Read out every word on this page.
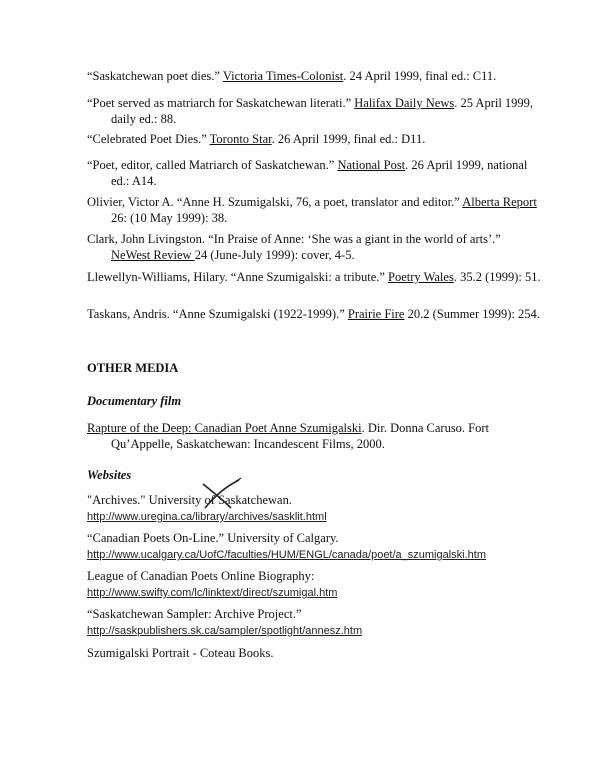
“Saskatchewan poet dies.” Victoria Times-Colonist. 24 April 1999, final ed.: C11.
“Poet served as matriarch for Saskatchewan literati.” Halifax Daily News. 25 April 1999, daily ed.: 88.
“Celebrated Poet Dies.” Toronto Star. 26 April 1999, final ed.: D11.
“Poet, editor, called Matriarch of Saskatchewan.” National Post. 26 April 1999, national ed.: A14.
Olivier, Victor A. “Anne H. Szumigalski, 76, a poet, translator and editor.” Alberta Report 26: (10 May 1999): 38.
Clark, John Livingston. “In Praise of Anne: ‘She was a giant in the world of arts’.” NeWest Review 24 (June-July 1999): cover, 4-5.
Llewellyn-Williams, Hilary. “Anne Szumigalski: a tribute.” Poetry Wales. 35.2 (1999): 51.
Taskans, Andris. “Anne Szumigalski (1922-1999).” Prairie Fire 20.2 (Summer 1999): 254.
OTHER MEDIA
Documentary film
Rapture of the Deep: Canadian Poet Anne Szumigalski. Dir. Donna Caruso. Fort Qu’Appelle, Saskatchewan: Incandescent Films, 2000.
Websites
"Archives." University of Saskatchewan.
http://www.uregina.ca/library/archives/sasklit.html
“Canadian Poets On-Line.” University of Calgary.
http://www.ucalgary.ca/UofC/faculties/HUM/ENGL/canada/poet/a_szumigalski.htm
League of Canadian Poets Online Biography:
http://www.swifty.com/lc/linktext/direct/szumigal.htm
“Saskatchewan Sampler: Archive Project.”
http://saskpublishers.sk.ca/sampler/spotlight/annesz.htm
Szumigalski Portrait - Coteau Books.
